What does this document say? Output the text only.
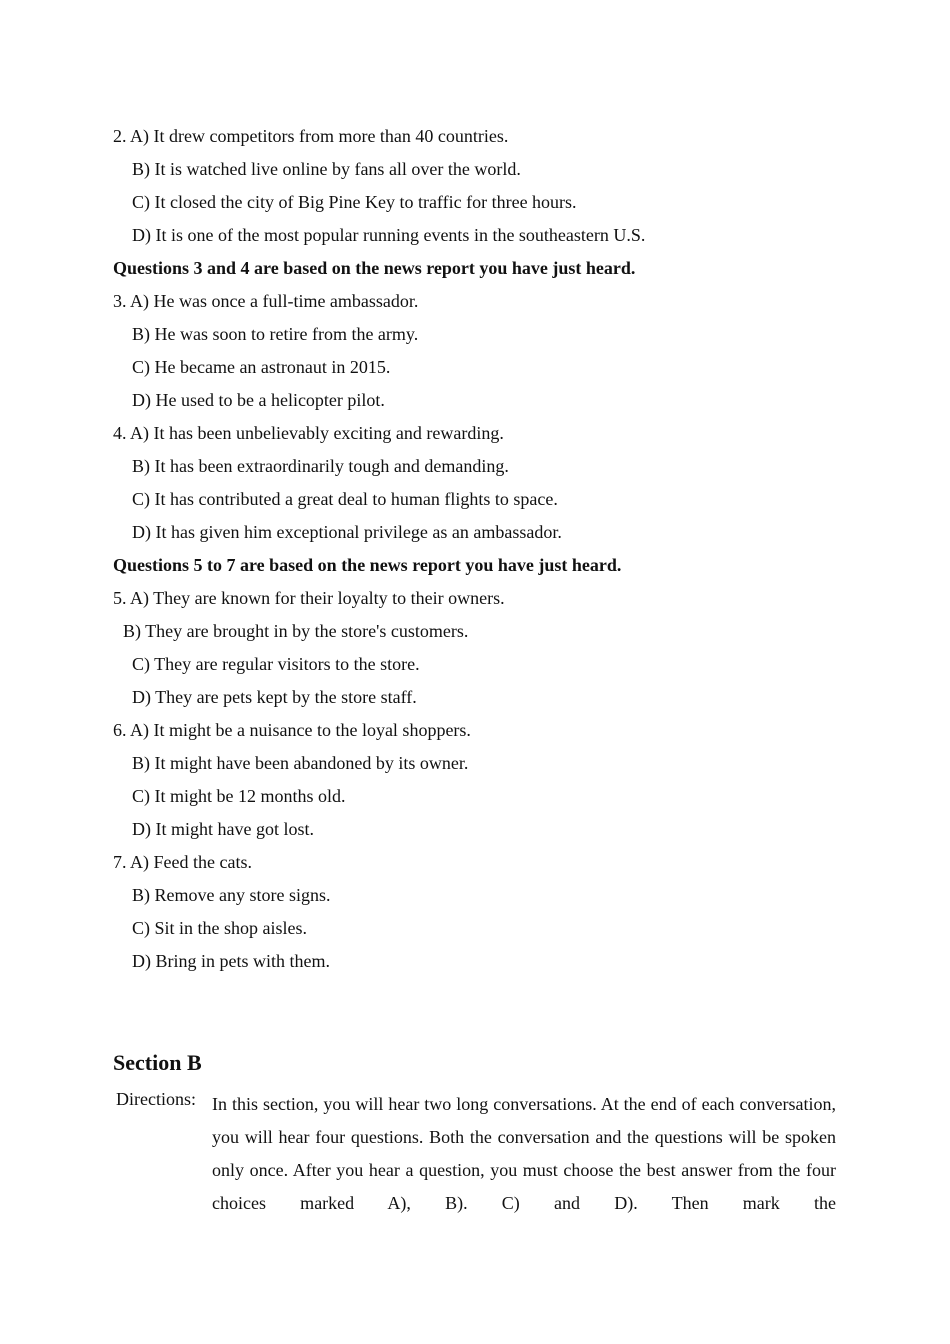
2. A) It drew competitors from more than 40 countries.
B) It is watched live online by fans all over the world.
C) It closed the city of Big Pine Key to traffic for three hours.
D) It is one of the most popular running events in the southeastern U.S.
Questions 3 and 4 are based on the news report you have just heard.
3. A) He was once a full-time ambassador.
B) He was soon to retire from the army.
C) He became an astronaut in 2015.
D) He used to be a helicopter pilot.
4. A) It has been unbelievably exciting and rewarding.
B) It has been extraordinarily tough and demanding.
C) It has contributed a great deal to human flights to space.
D) It has given him exceptional privilege as an ambassador.
Questions 5 to 7 are based on the news report you have just heard.
5. A) They are known for their loyalty to their owners.
B) They are brought in by the store's customers.
C) They are regular visitors to the store.
D) They are pets kept by the store staff.
6. A) It might be a nuisance to the loyal shoppers.
B) It might have been abandoned by its owner.
C) It might be 12 months old.
D) It might have got lost.
7. A) Feed the cats.
B) Remove any store signs.
C) Sit in the shop aisles.
D) Bring in pets with them.
Section B
Directions: In this section, you will hear two long conversations. At the end of each conversation, you will hear four questions. Both the conversation and the questions will be spoken only once. After you hear a question, you must choose the best answer from the four choices marked A), B). C) and D). Then mark the
